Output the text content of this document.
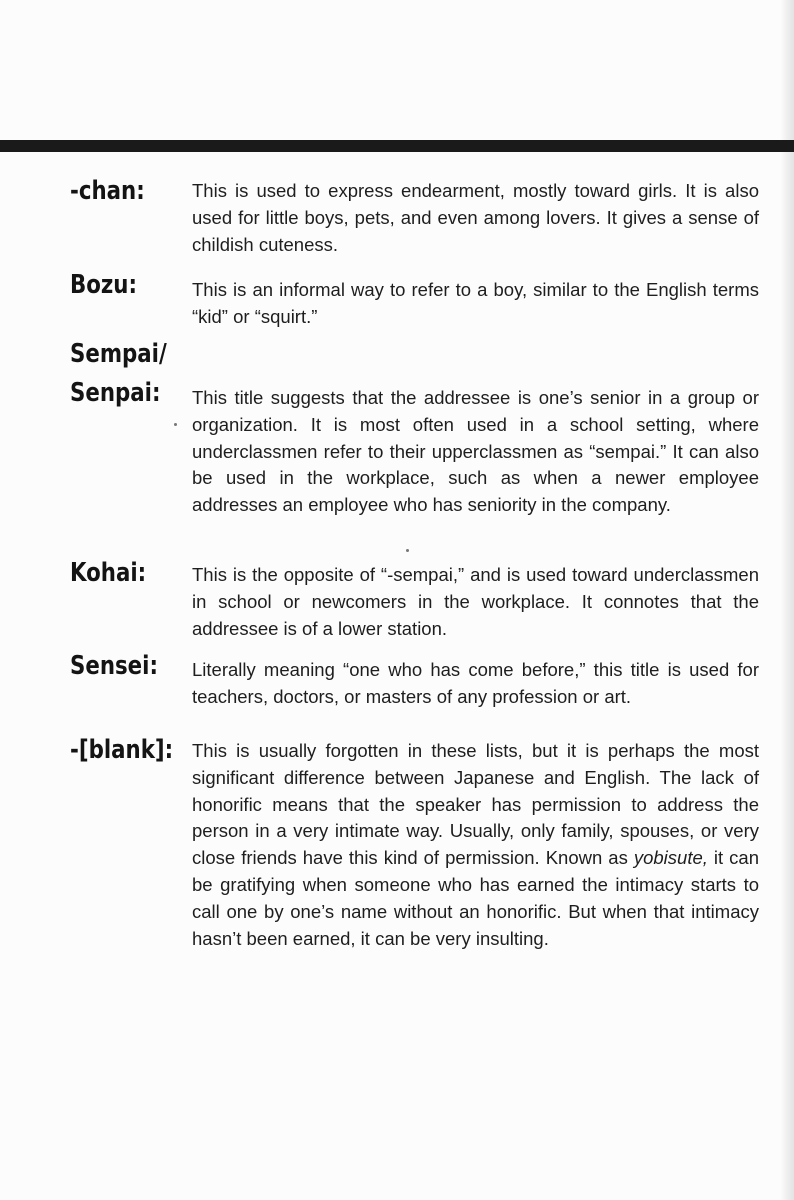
-chan:	This is used to express endearment, mostly toward girls. It is also used for little boys, pets, and even among lovers. It gives a sense of childish cuteness.
Bozu:	This is an informal way to refer to a boy, similar to the English terms “kid” or “squirt.”
Sempai/
Senpai: This title suggests that the addressee is one’s senior in a group or organization. It is most often used in a school setting, where underclassmen refer to their upperclassmen as “sempai.” It can also be used in the workplace, such as when a newer employee addresses an employee who has seniority in the company.
Kohai: This is the opposite of “-sempai,” and is used toward underclassmen in school or newcomers in the workplace. It connotes that the addressee is of a lower station.
Sensei: Literally meaning “one who has come before,” this title is used for teachers, doctors, or masters of any profession or art.
-[blank]: This is usually forgotten in these lists, but it is perhaps the most significant difference between Japanese and English. The lack of honorific means that the speaker has permission to address the person in a very intimate way. Usually, only family, spouses, or very close friends have this kind of permission. Known as yobisute, it can be gratifying when someone who has earned the intimacy starts to call one by one’s name without an honorific. But when that intimacy hasn’t been earned, it can be very insulting.
